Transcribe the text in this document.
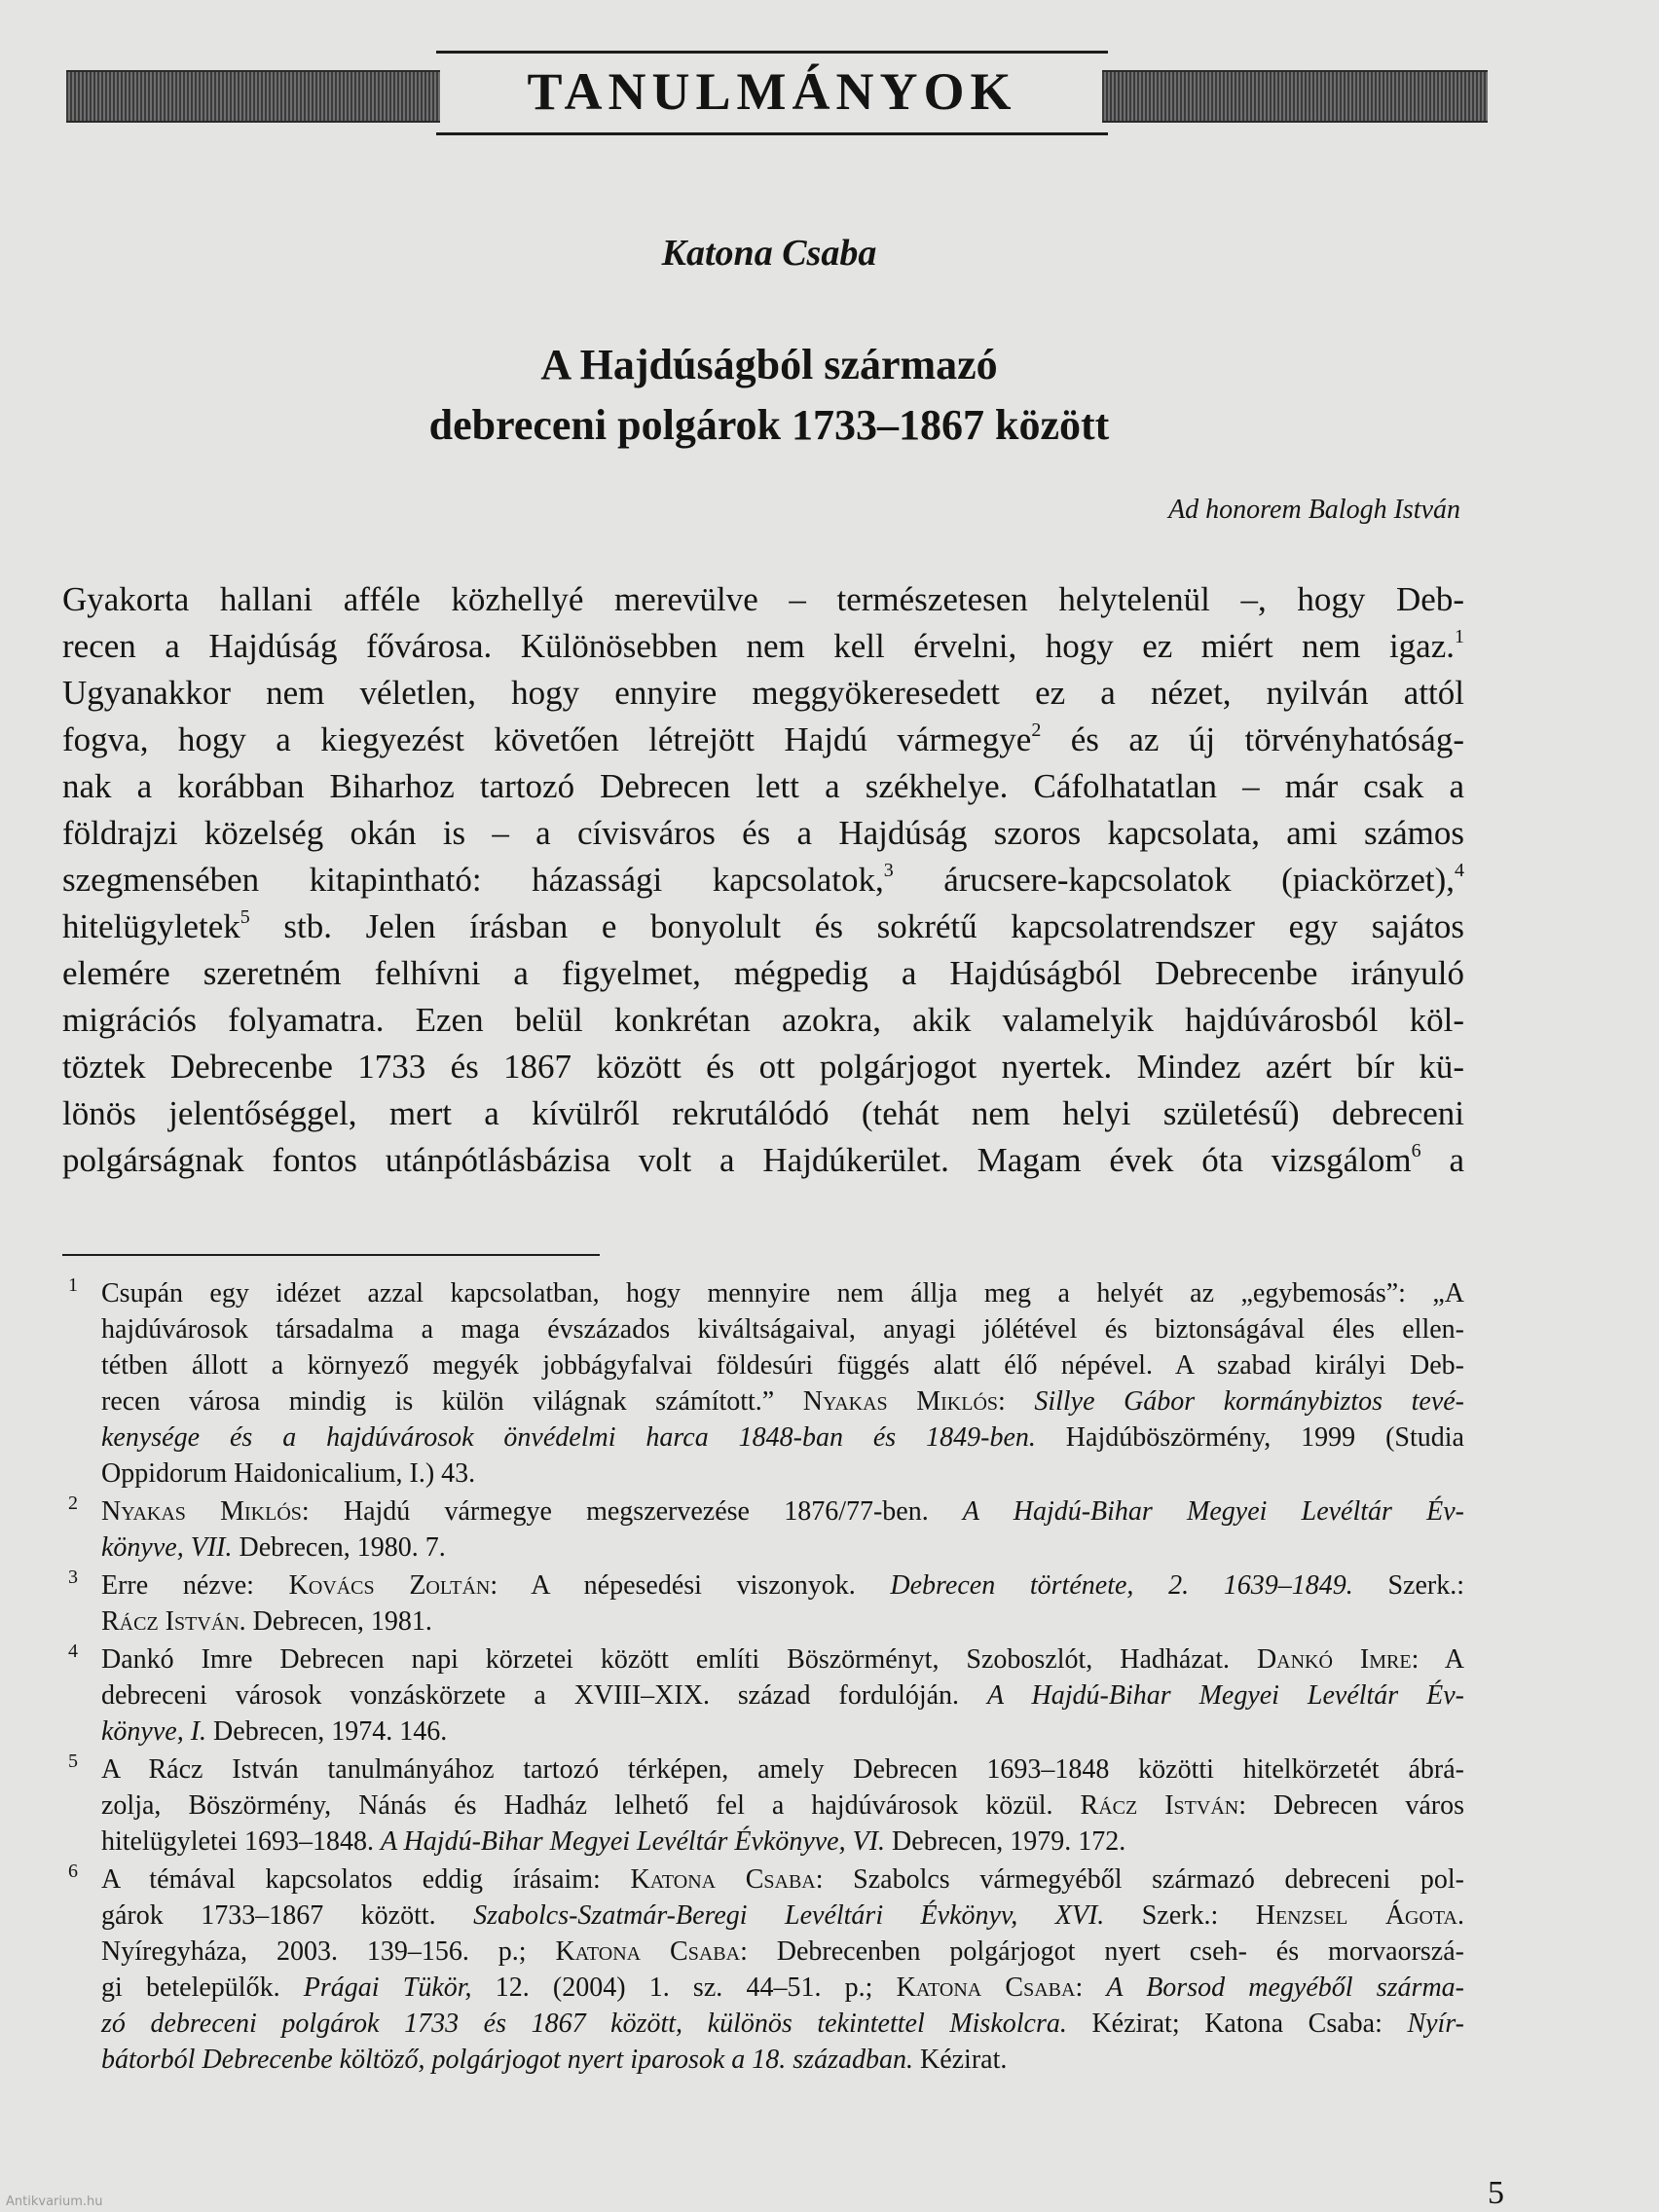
TANULMÁNYOK
Katona Csaba
A Hajdúságból származó
debreceni polgárok 1733–1867 között
Ad honorem Balogh István
Gyakorta hallani afféle közhellyé merevülve – természetesen helytelenül –, hogy Deb-
recen a Hajdúság fővárosa. Különösebben nem kell érvelni, hogy ez miért nem igaz.$^1$
Ugyanakkor nem véletlen, hogy ennyire meggyökeresedett ez a nézet, nyilván attól
fogva, hogy a kiegyezést követően létrejött Hajdú vármegye$^2$ és az új törvényhatóság-
nak a korábban Biharhoz tartozó Debrecen lett a székhelye. Cáfolhatatlan – már csak a
földrajzi közelség okán is – a cívisváros és a Hajdúság szoros kapcsolata, ami számos
szegmensében kitapintható: házassági kapcsolatok,$^3$ árucsere-kapcsolatok (piackörzet),$^4$
hitelügyletek$^5$ stb. Jelen írásban e bonyolult és sokrétű kapcsolatrendszer egy sajátos
elemére szeretném felhívni a figyelmet, mégpedig a Hajdúságból Debrecenbe irányuló
migrációs folyamatra. Ezen belül konkrétan azokra, akik valamelyik hajdúvárosból köl-
töztek Debrecenbe 1733 és 1867 között és ott polgárjogot nyertek. Mindez azért bír kü-
lönös jelentőséggel, mert a kívülről rekrutálódó (tehát nem helyi születésű) debreceni
polgárságnak fontos utánpótlásbázisa volt a Hajdúkerület. Magam évek óta vizsgálom$^6$ a
1 Csupán egy idézet azzal kapcsolatban, hogy mennyire nem állja meg a helyét az „egybemosás”: „A
hajdúvárosok társadalma a maga évszázados kiváltságaival, anyagi jólétével és biztonságával éles ellen-
tétben állott a környező megyék jobbágyfalvai földesúri függés alatt élő népével. A szabad királyi Deb-
recen városa mindig is külön világnak számított.” Nyakas Miklós: Sillye Gábor kormánybiztos tevé-
kenysége és a hajdúvárosok önvédelmi harca 1848-ban és 1849-ben. Hajdúböszörmény, 1999 (Studia
Oppidorum Haidonicalium, I.) 43.
2 Nyakas Miklós: Hajdú vármegye megszervezése 1876/77-ben. A Hajdú-Bihar Megyei Levéltár Év-
könyve, VII. Debrecen, 1980. 7.
3 Erre nézve: Kovács Zoltán: A népesedési viszonyok. Debrecen története, 2. 1639–1849. Szerk.:
Rácz István. Debrecen, 1981.
4 Dankó Imre Debrecen napi körzetei között említi Böszörményt, Szoboszlót, Hadházat. Dankó Imre: A
debreceni városok vonzáskörzete a XVIII–XIX. század fordulóján. A Hajdú-Bihar Megyei Levéltár Év-
könyve, I. Debrecen, 1974. 146.
5 A Rácz István tanulmányához tartozó térképen, amely Debrecen 1693–1848 közötti hitelkörzetét ábrá-
zolja, Böszörmény, Nánás és Hadház lelhető fel a hajdúvárosok közül. Rácz István: Debrecen város
hitelügyletei 1693–1848. A Hajdú-Bihar Megyei Levéltár Évkönyve, VI. Debrecen, 1979. 172.
6 A témával kapcsolatos eddig írásaim: Katona Csaba: Szabolcs vármegyéből származó debreceni pol-
gárok 1733–1867 között. Szabolcs-Szatmár-Beregi Levéltári Évkönyv, XVI. Szerk.: Henzsel Ágota.
Nyíregyháza, 2003. 139–156. p.; Katona Csaba: Debrecenben polgárjogot nyert cseh- és morvaorszá-
gi betelepülők. Prágai Tükör, 12. (2004) 1. sz. 44–51. p.; Katona Csaba: A Borsod megyéből szárma-
zó debreceni polgárok 1733 és 1867 között, különös tekintettel Miskolcra. Kézirat; Katona Csaba: Nyír-
bátorból Debrecenbe költöző, polgárjogot nyert iparosok a 18. században. Kézirat.
5
Antikvarium.hu
